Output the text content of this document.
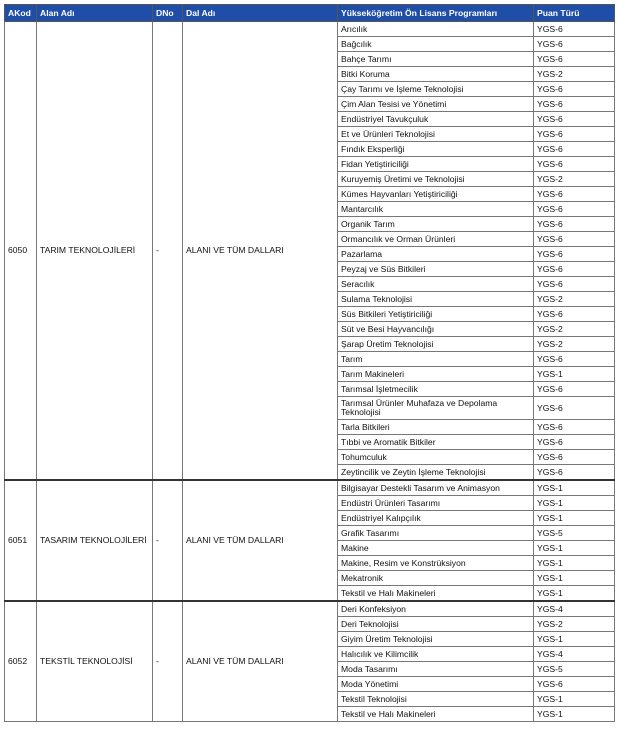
AKod	Alan Adı	DNo	Dal Adı	Yükseköğretim Ön Lisans Programları	Puan Türü
6050	TARIM TEKNOLOJİLERİ	-	ALANI VE TÜM DALLARI	Arıcılık	YGS-6
				Bağcılık	YGS-6
				Bahçe Tarımı	YGS-6
				Bitki Koruma	YGS-2
				Çay Tarımı ve İşleme Teknolojisi	YGS-6
				Çim Alan Tesisi ve Yönetimi	YGS-6
				Endüstriyel Tavukçuluk	YGS-6
				Et ve Ürünleri Teknolojisi	YGS-6
				Fındık Eksperliği	YGS-6
				Fidan Yetiştiriciliği	YGS-6
				Kuruyemiş Üretimi ve Teknolojisi	YGS-2
				Kümes Hayvanları Yetiştiriciliği	YGS-6
				Mantarcılık	YGS-6
				Organik Tarım	YGS-6
				Ormancılık ve Orman Ürünleri	YGS-6
				Pazarlama	YGS-6
				Peyzaj ve Süs Bitkileri	YGS-6
				Seracılık	YGS-6
				Sulama Teknolojisi	YGS-2
				Süs Bitkileri Yetiştiriciliği	YGS-6
				Süt ve Besi Hayvancılığı	YGS-2
				Şarap Üretim Teknolojisi	YGS-2
				Tarım	YGS-6
				Tarım Makineleri	YGS-1
				Tarımsal İşletmecilik	YGS-6
				Tarımsal Ürünler Muhafaza ve Depolama Teknolojisi	YGS-6
				Tarla Bitkileri	YGS-6
				Tıbbi ve Aromatik Bitkiler	YGS-6
				Tohumculuk	YGS-6
				Zeytincilik ve Zeytin İşleme Teknolojisi	YGS-6
6051	TASARIM TEKNOLOJİLERİ	-	ALANI VE TÜM DALLARI	Bilgisayar Destekli Tasarım ve Animasyon	YGS-1
				Endüstri Ürünleri Tasarımı	YGS-1
				Endüstriyel Kalıpçılık	YGS-1
				Grafik Tasarımı	YGS-5
				Makine	YGS-1
				Makine, Resim ve Konstrüksiyon	YGS-1
				Mekatronik	YGS-1
				Tekstil ve Halı Makineleri	YGS-1
6052	TEKSTİL TEKNOLOJİSİ	-	ALANI VE TÜM DALLARI	Deri Konfeksiyon	YGS-4
				Deri Teknolojisi	YGS-2
				Giyim Üretim Teknolojisi	YGS-1
				Halıcılık ve Kilimcilik	YGS-4
				Moda Tasarımı	YGS-5
				Moda Yönetimi	YGS-6
				Tekstil Teknolojisi	YGS-1
				Tekstil ve Halı Makineleri	YGS-1
